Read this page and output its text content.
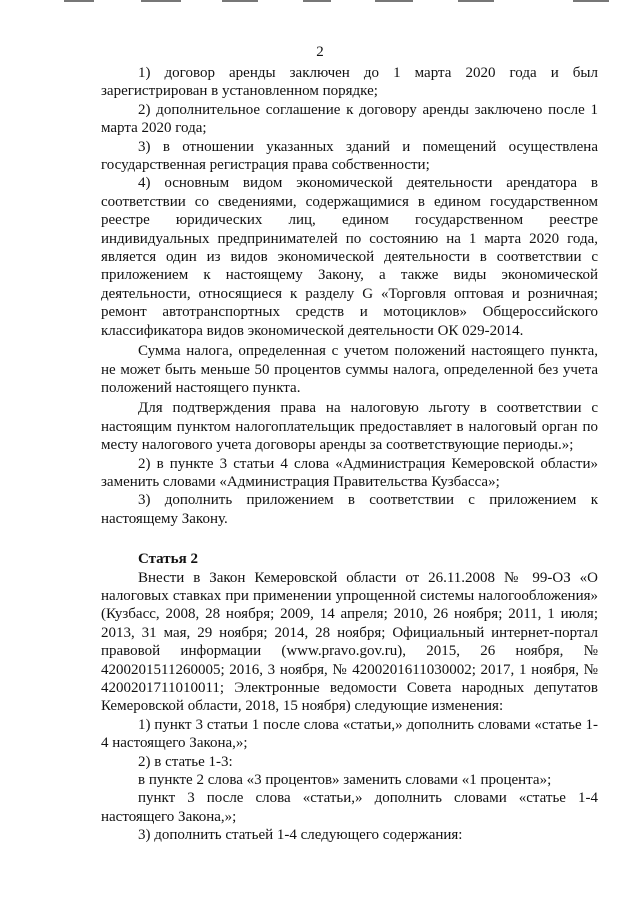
2

1) договор аренды заключен до 1 марта 2020 года и был зарегистрирован в установленном порядке;

2) дополнительное соглашение к договору аренды заключено после 1 марта 2020 года;

3) в отношении указанных зданий и помещений осуществлена государственная регистрация права собственности;

4) основным видом экономической деятельности арендатора в соответствии со сведениями, содержащимися в едином государственном реестре юридических лиц, едином государственном реестре индивидуальных предпринимателей по состоянию на 1 марта 2020 года, является один из видов экономической деятельности в соответствии с приложением к настоящему Закону, а также виды экономической деятельности, относящиеся к разделу G «Торговля оптовая и розничная; ремонт автотранспортных средств и мотоциклов» Общероссийского классификатора видов экономической деятельности ОК 029-2014.

Сумма налога, определенная с учетом положений настоящего пункта, не может быть меньше 50 процентов суммы налога, определенной без учета положений настоящего пункта.

Для подтверждения права на налоговую льготу в соответствии с настоящим пунктом налогоплательщик предоставляет в налоговый орган по месту налогового учета договоры аренды за соответствующие периоды.»;

2) в пункте 3 статьи 4 слова «Администрация Кемеровской области» заменить словами «Администрация Правительства Кузбасса»;

3) дополнить приложением в соответствии с приложением к настоящему Закону.

Статья 2

Внести в Закон Кемеровской области от 26.11.2008 № 99-ОЗ «О налоговых ставках при применении упрощенной системы налогообложения» (Кузбасс, 2008, 28 ноября; 2009, 14 апреля; 2010, 26 ноября; 2011, 1 июля; 2013, 31 мая, 29 ноября; 2014, 28 ноября; Официальный интернет-портал правовой информации (www.pravo.gov.ru), 2015, 26 ноября, № 4200201511260005; 2016, 3 ноября, № 4200201611030002; 2017, 1 ноября, № 4200201711010011; Электронные ведомости Совета народных депутатов Кемеровской области, 2018, 15 ноября) следующие изменения:

1) пункт 3 статьи 1 после слова «статьи,» дополнить словами «статье 1-4 настоящего Закона,»;

2) в статье 1-3:

в пункте 2 слова «3 процентов» заменить словами «1 процента»;

пункт 3 после слова «статьи,» дополнить словами «статье 1-4 настоящего Закона,»;

3) дополнить статьей 1-4 следующего содержания:
